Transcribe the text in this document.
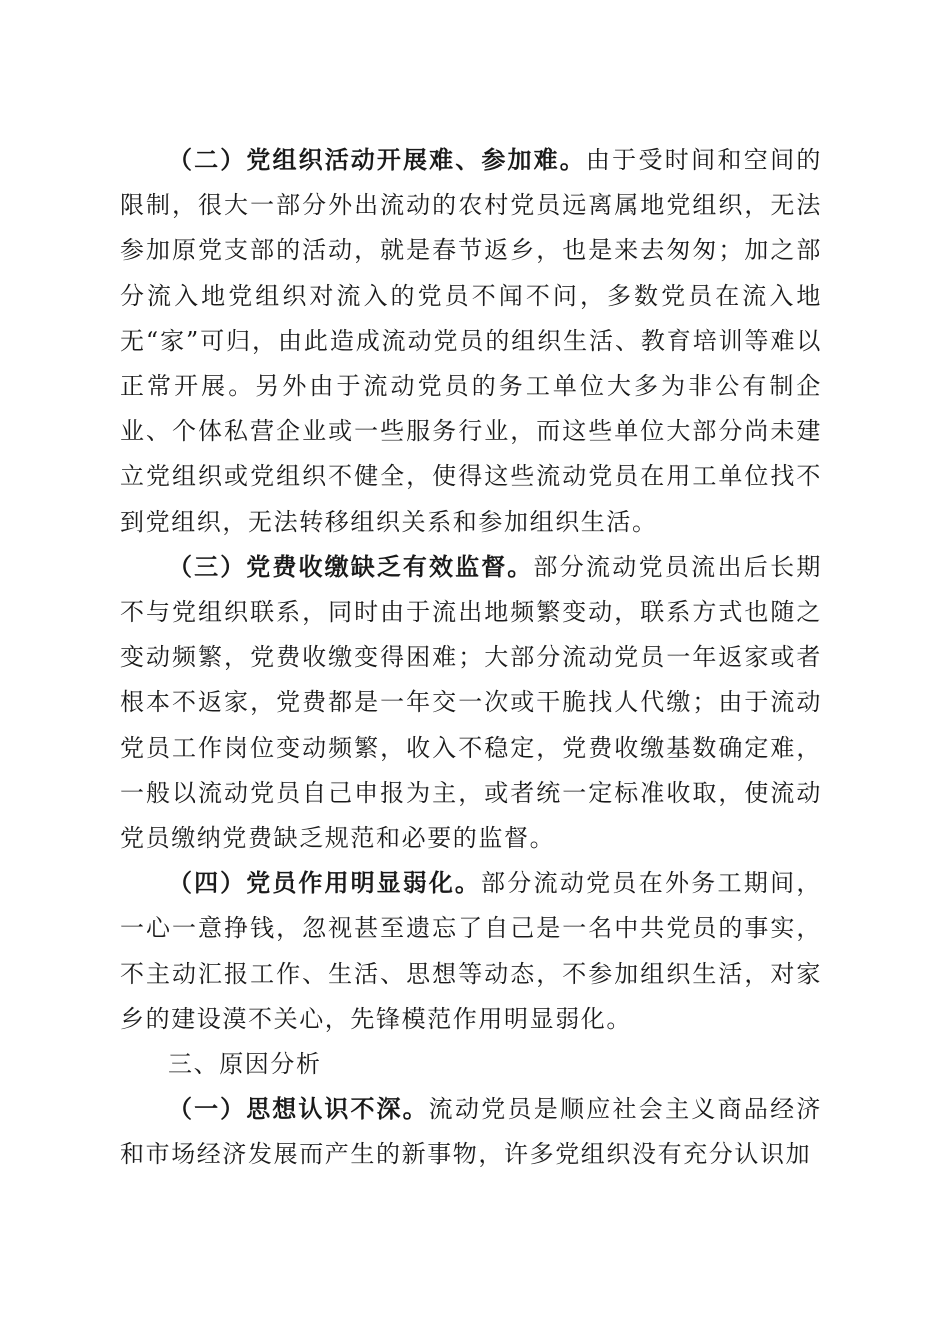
（二）党组织活动开展难、参加难。由于受时间和空间的限制，很大一部分外出流动的农村党员远离属地党组织，无法参加原党支部的活动，就是春节返乡，也是来去匆匆；加之部分流入地党组织对流入的党员不闻不问，多数党员在流入地无“家”可归，由此造成流动党员的组织生活、教育培训等难以正常开展。另外由于流动党员的务工单位大多为非公有制企业、个体私营企业或一些服务行业，而这些单位大部分尚未建立党组织或党组织不健全，使得这些流动党员在用工单位找不到党组织，无法转移组织关系和参加组织生活。

（三）党费收缴缺乏有效监督。部分流动党员流出后长期不与党组织联系，同时由于流出地频繁变动，联系方式也随之变动频繁，党费收缴变得困难；大部分流动党员一年返家或者根本不返家，党费都是一年交一次或干脆找人代缴；由于流动党员工作岗位变动频繁，收入不稳定，党费收缴基数确定难，一般以流动党员自己申报为主，或者统一定标准收取，使流动党员缴纳党费缺乏规范和必要的监督。

（四）党员作用明显弱化。部分流动党员在外务工期间，一心一意挣钱，忽视甚至遗忘了自己是一名中共党员的事实，不主动汇报工作、生活、思想等动态，不参加组织生活，对家乡的建设漠不关心，先锋模范作用明显弱化。

三、原因分析

（一）思想认识不深。流动党员是顺应社会主义商品经济和市场经济发展而产生的新事物，许多党组织没有充分认识加
